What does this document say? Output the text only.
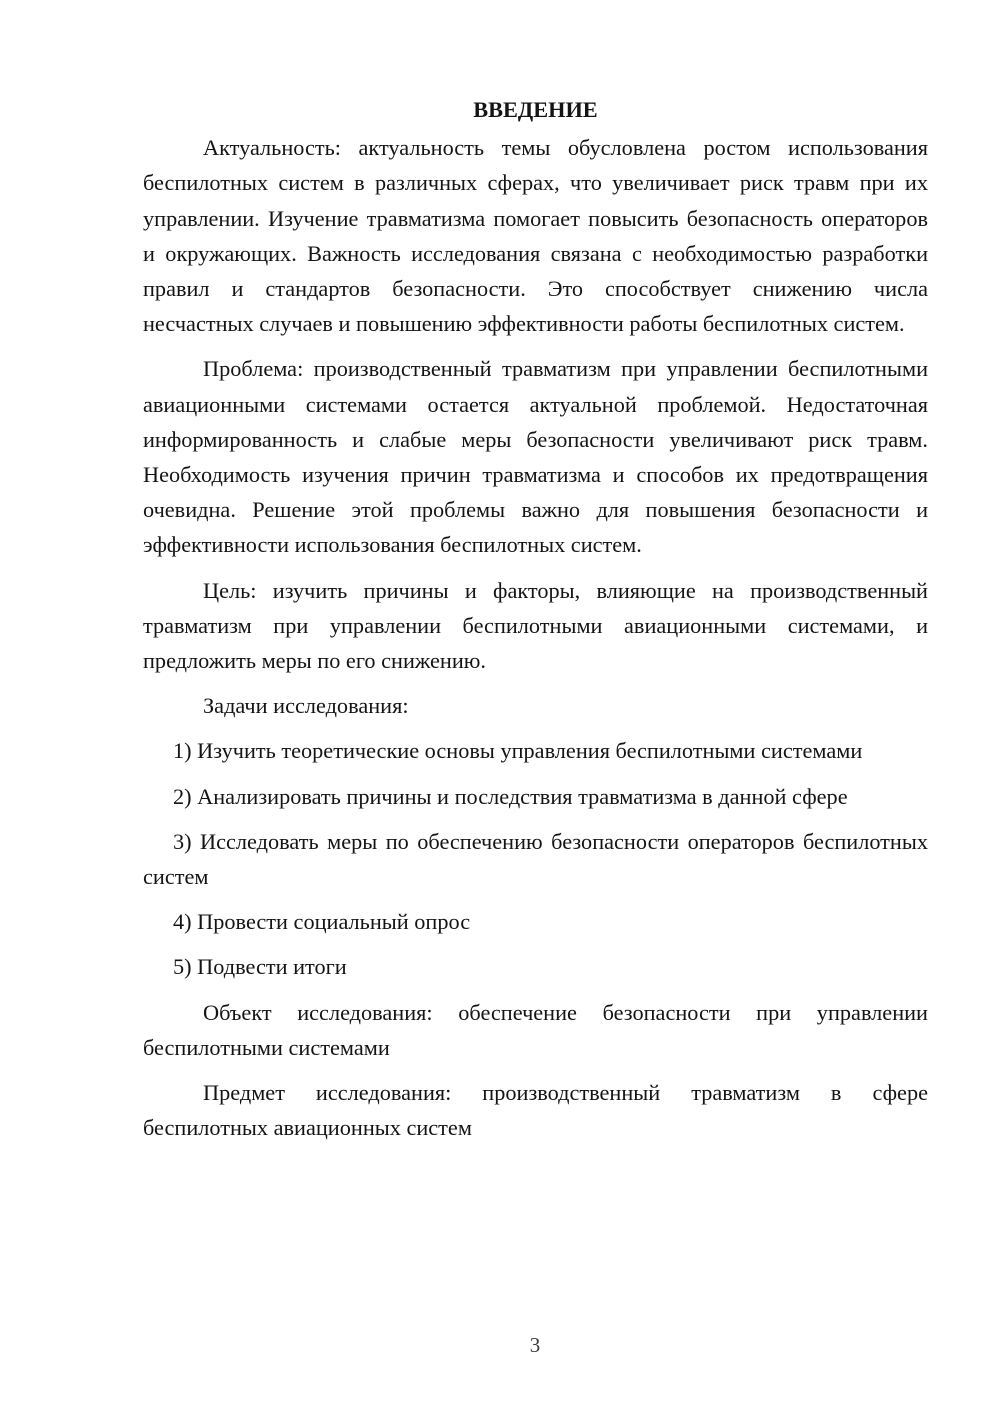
ВВЕДЕНИЕ

Актуальность: актуальность темы обусловлена ростом использования беспилотных систем в различных сферах, что увеличивает риск травм при их управлении. Изучение травматизма помогает повысить безопасность операторов и окружающих. Важность исследования связана с необходимостью разработки правил и стандартов безопасности. Это способствует снижению числа несчастных случаев и повышению эффективности работы беспилотных систем.

Проблема: производственный травматизм при управлении беспилотными авиационными системами остается актуальной проблемой. Недостаточная информированность и слабые меры безопасности увеличивают риск травм. Необходимость изучения причин травматизма и способов их предотвращения очевидна. Решение этой проблемы важно для повышения безопасности и эффективности использования беспилотных систем.

Цель: изучить причины и факторы, влияющие на производственный травматизм при управлении беспилотными авиационными системами, и предложить меры по его снижению.

Задачи исследования:

1) Изучить теоретические основы управления беспилотными системами

2) Анализировать причины и последствия травматизма в данной сфере

3) Исследовать меры по обеспечению безопасности операторов беспилотных систем

4) Провести социальный опрос

5) Подвести итоги

Объект исследования: обеспечение безопасности при управлении беспилотными системами

Предмет исследования: производственный травматизм в сфере беспилотных авиационных систем

3
